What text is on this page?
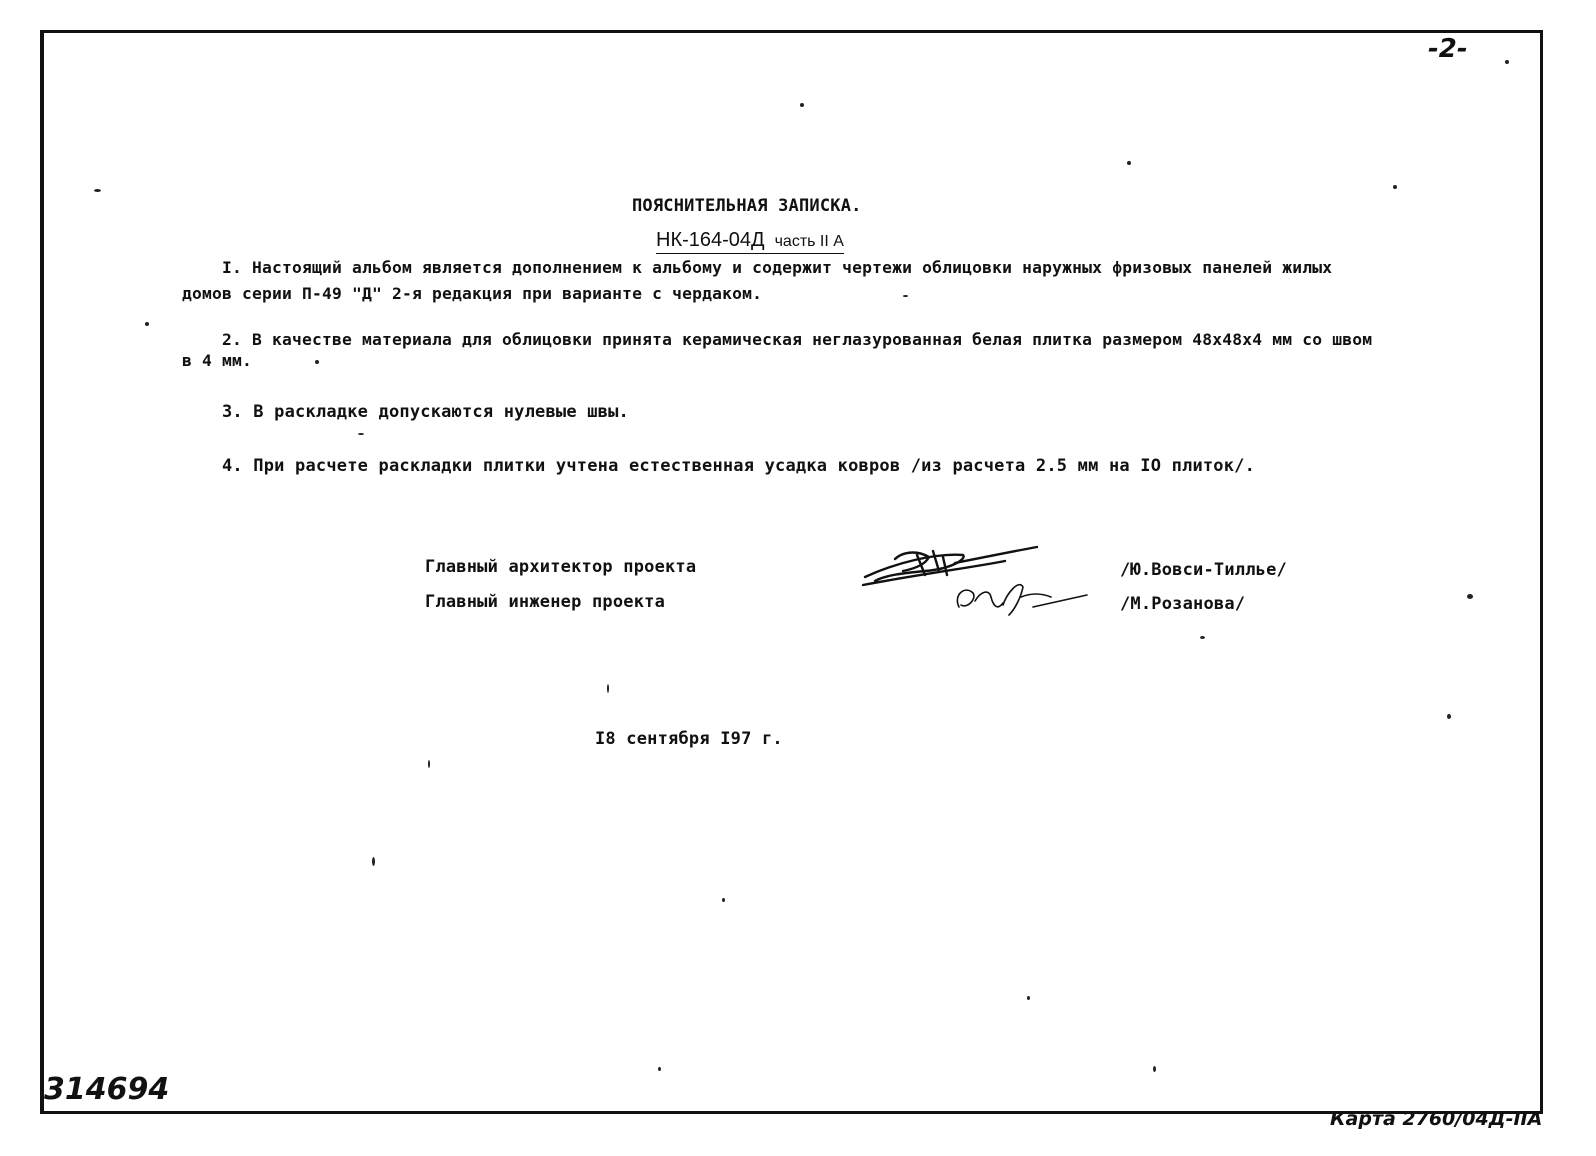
-2-
ПОЯСНИТЕЛЬНАЯ ЗАПИСКА.
НК-164-04Д часть II А
I. Настоящий альбом является дополнением к альбому и содержит чертежи облицовки наружных фризовых панелей жилых
домов серии П-49 "Д" 2-я редакция при варианте с чердаком.
2. В качестве материала для облицовки принята керамическая неглазурованная белая плитка размером 48х48х4 мм со швом
в 4 мм.
3. В раскладке допускаются нулевые швы.
4. При расчете раскладки плитки учтена естественная усадка ковров /из расчета 2.5 мм на IO плиток/.
Главный архитектор проекта
Главный инженер проекта
/Ю.Вовси-Тилльe/
/М.Розанова/
I8 сентября I97 г.
314694
Карта 2760/04Д-IIА
